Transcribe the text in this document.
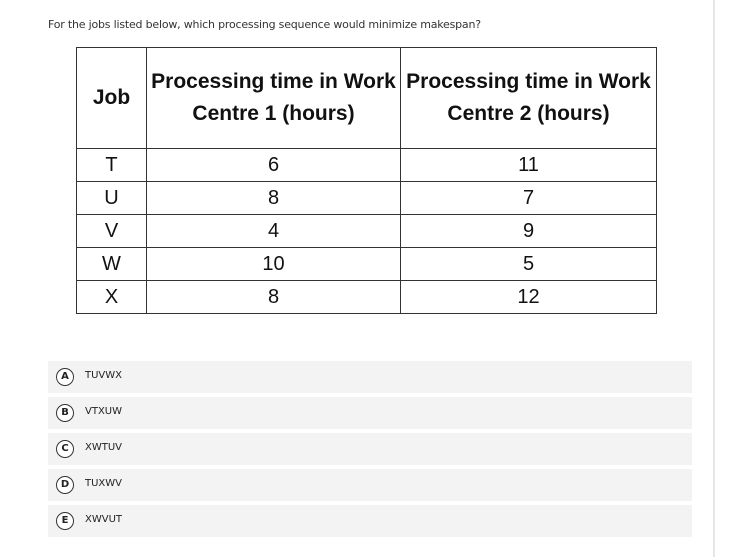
For the jobs listed below, which processing sequence would minimize makespan?
Job	Processing time in Work Centre 1 (hours)	Processing time in Work Centre 2 (hours)
T	6	11
U	8	7
V	4	9
W	10	5
X	8	12
A	TUVWX
B	VTXUW
C	XWTUV
D	TUXWV
E	XWVUT
